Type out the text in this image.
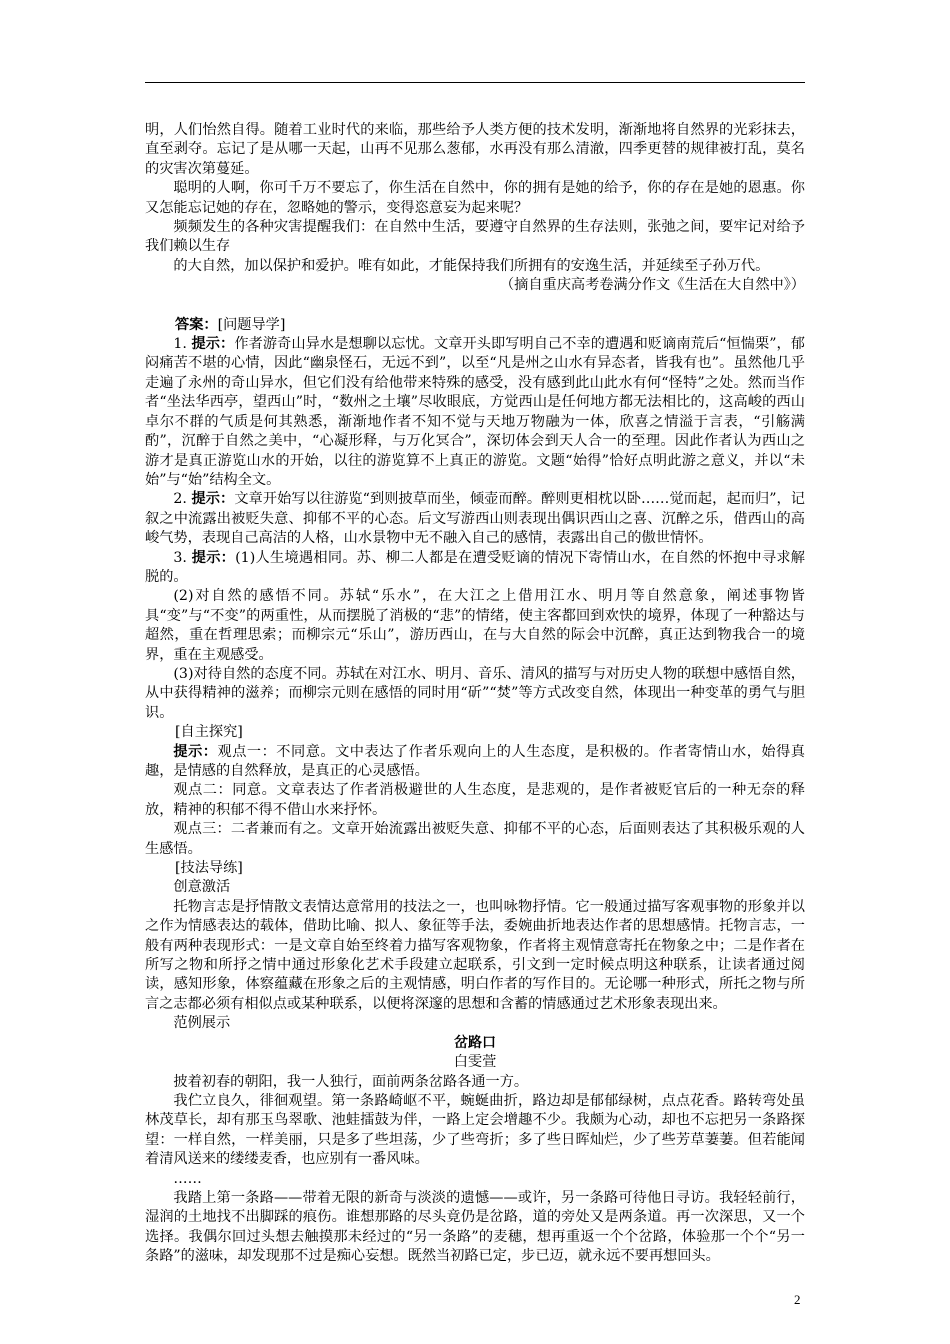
明，人们怡然自得。随着工业时代的来临，那些给予人类方便的技术发明，渐渐地将自然界的光彩抹去，直至剥夺。忘记了是从哪一天起，山再不见那么葱郁，水再没有那么清澈，四季更替的规律被打乱，莫名的灾害次第蔓延。

聪明的人啊，你可千万不要忘了，你生活在自然中，你的拥有是她的给予，你的存在是她的恩惠。你又怎能忘记她的存在，忽略她的警示，变得恣意妄为起来呢？

频频发生的各种灾害提醒我们：在自然中生活，要遵守自然界的生存法则，张弛之间，要牢记对给予我们赖以生存

的大自然，加以保护和爱护。唯有如此，才能保持我们所拥有的安逸生活，并延续至子孙万代。

（摘自重庆高考卷满分作文《生活在大自然中》）

答案：[问题导学]

1. 提示：作者游奇山异水是想聊以忘忧。文章开头即写明自己不幸的遭遇和贬谪南荒后“恒惴栗”，郁闷痛苦不堪的心情，因此“幽泉怪石，无远不到”，以至“凡是州之山水有异态者，皆我有也”。虽然他几乎走遍了永州的奇山异水，但它们没有给他带来特殊的感受，没有感到此山此水有何“怪特”之处。然而当作者“坐法华西亭，望西山”时，“数州之土壤”尽收眼底，方觉西山是任何地方都无法相比的，这高峻的西山卓尔不群的气质是何其熟悉，渐渐地作者不知不觉与天地万物融为一体，欣喜之情溢于言表，“引觞满酌”，沉醉于自然之美中，“心凝形释，与万化冥合”，深切体会到天人合一的至理。因此作者认为西山之游才是真正游览山水的开始，以往的游览算不上真正的游览。文题“始得”恰好点明此游之意义，并以“未始”与“始”结构全文。

2. 提示：文章开始写以往游览“到则披草而坐，倾壶而醉。醉则更相枕以卧……觉而起，起而归”，记叙之中流露出被贬失意、抑郁不平的心态。后文写游西山则表现出偶识西山之喜、沉醉之乐，借西山的高峻气势，表现自己高洁的人格，山水景物中无不融入自己的感情，表露出自己的傲世情怀。

3. 提示：(1)人生境遇相同。苏、柳二人都是在遭受贬谪的情况下寄情山水，在自然的怀抱中寻求解脱的。

(2)对自然的感悟不同。苏轼“乐水”，在大江之上借用江水、明月等自然意象，阐述事物皆具“变”与“不变”的两重性，从而摆脱了消极的“悲”的情绪，使主客都回到欢快的境界，体现了一种豁达与超然，重在哲理思索；而柳宗元“乐山”，游历西山，在与大自然的际会中沉醉，真正达到物我合一的境界，重在主观感受。

(3)对待自然的态度不同。苏轼在对江水、明月、音乐、清风的描写与对历史人物的联想中感悟自然，从中获得精神的滋养；而柳宗元则在感悟的同时用“斫”“焚”等方式改变自然，体现出一种变革的勇气与胆识。

[自主探究]

提示：观点一：不同意。文中表达了作者乐观向上的人生态度，是积极的。作者寄情山水，始得真趣，是情感的自然释放，是真正的心灵感悟。

观点二：同意。文章表达了作者消极避世的人生态度，是悲观的，是作者被贬官后的一种无奈的释放，精神的积郁不得不借山水来抒怀。

观点三：二者兼而有之。文章开始流露出被贬失意、抑郁不平的心态，后面则表达了其积极乐观的人生感悟。

[技法导练]

创意激活

托物言志是抒情散文表情达意常用的技法之一，也叫咏物抒情。它一般通过描写客观事物的形象并以之作为情感表达的载体，借助比喻、拟人、象征等手法，委婉曲折地表达作者的思想感情。托物言志，一般有两种表现形式：一是文章自始至终着力描写客观物象，作者将主观情意寄托在物象之中；二是作者在所写之物和所抒之情中通过形象化艺术手段建立起联系，引文到一定时候点明这种联系，让读者通过阅读，感知形象，体察蕴藏在形象之后的主观情感，明白作者的写作目的。无论哪一种形式，所托之物与所言之志都必须有相似点或某种联系，以便将深邃的思想和含蓄的情感通过艺术形象表现出来。

范例展示

岔路口

白雯萱

披着初春的朝阳，我一人独行，面前两条岔路各通一方。

我伫立良久，徘徊观望。第一条路崎岖不平，蜿蜒曲折，路边却是郁郁绿树，点点花香。路转弯处虽林茂草长，却有那玉鸟翠歌、池蛙擂鼓为伴，一路上定会增趣不少。我颇为心动，却也不忘把另一条路探望：一样自然，一样美丽，只是多了些坦荡，少了些弯折；多了些日晖灿烂，少了些芳草萋萋。但若能闻着清风送来的缕缕麦香，也应别有一番风味。

……

我踏上第一条路——带着无限的新奇与淡淡的遗憾——或许，另一条路可待他日寻访。我轻轻前行，湿润的土地找不出脚踩的痕伤。谁想那路的尽头竟仍是岔路，道的旁处又是两条道。再一次深思，又一个选择。我偶尔回过头想去触摸那未经过的“另一条路”的麦穗，想再重返一个个岔路，体验那一个个“另一条路”的滋味，却发现那不过是痴心妄想。既然当初路已定，步已迈，就永远不要再想回头。

2
